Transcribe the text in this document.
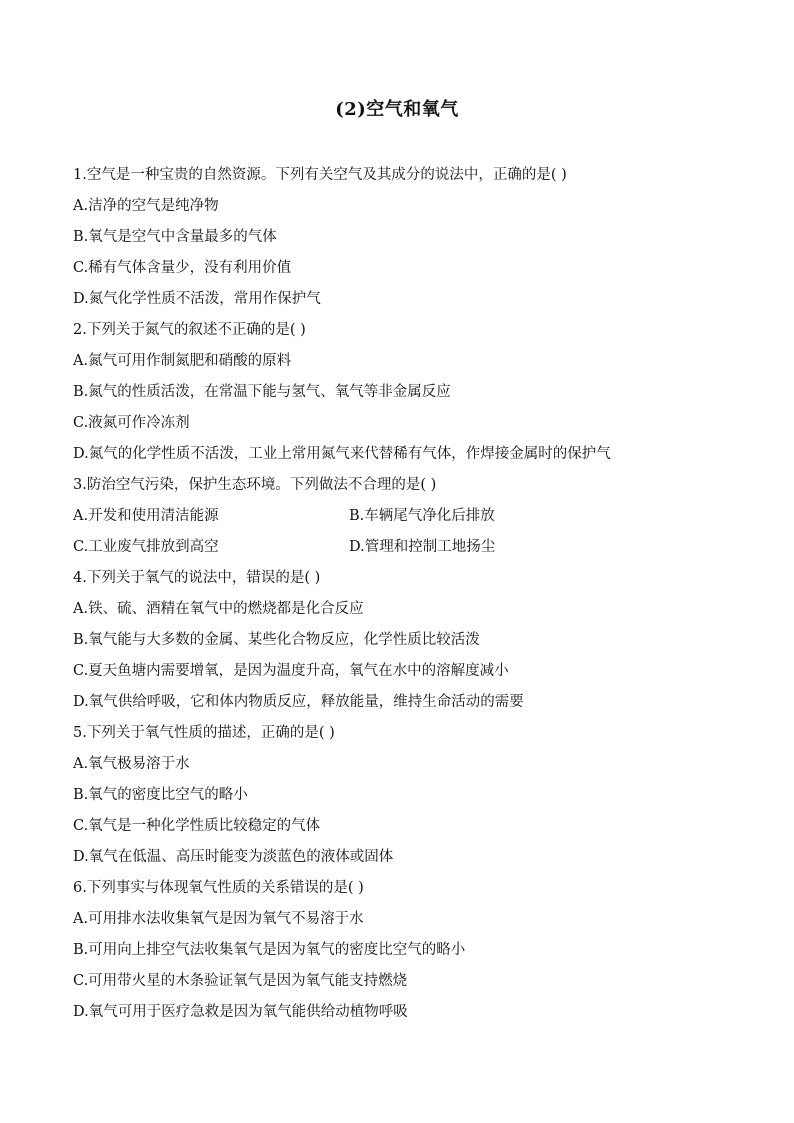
(2)空气和氧气
1.空气是一种宝贵的自然资源。下列有关空气及其成分的说法中，正确的是( )
A.洁净的空气是纯净物
B.氧气是空气中含量最多的气体
C.稀有气体含量少，没有利用价值
D.氮气化学性质不活泼，常用作保护气
2.下列关于氮气的叙述不正确的是( )
A.氮气可用作制氮肥和硝酸的原料
B.氮气的性质活泼，在常温下能与氢气、氧气等非金属反应
C.液氮可作冷冻剂
D.氮气的化学性质不活泼，工业上常用氮气来代替稀有气体，作焊接金属时的保护气
3.防治空气污染，保护生态环境。下列做法不合理的是( )
A.开发和使用清洁能源	B.车辆尾气净化后排放
C.工业废气排放到高空	D.管理和控制工地扬尘
4.下列关于氧气的说法中，错误的是( )
A.铁、硫、酒精在氧气中的燃烧都是化合反应
B.氧气能与大多数的金属、某些化合物反应，化学性质比较活泼
C.夏天鱼塘内需要增氧，是因为温度升高，氧气在水中的溶解度减小
D.氧气供给呼吸，它和体内物质反应，释放能量，维持生命活动的需要
5.下列关于氧气性质的描述，正确的是( )
A.氧气极易溶于水
B.氧气的密度比空气的略小
C.氧气是一种化学性质比较稳定的气体
D.氧气在低温、高压时能变为淡蓝色的液体或固体
6.下列事实与体现氧气性质的关系错误的是( )
A.可用排水法收集氧气是因为氧气不易溶于水
B.可用向上排空气法收集氧气是因为氧气的密度比空气的略小
C.可用带火星的木条验证氧气是因为氧气能支持燃烧
D.氧气可用于医疗急救是因为氧气能供给动植物呼吸
